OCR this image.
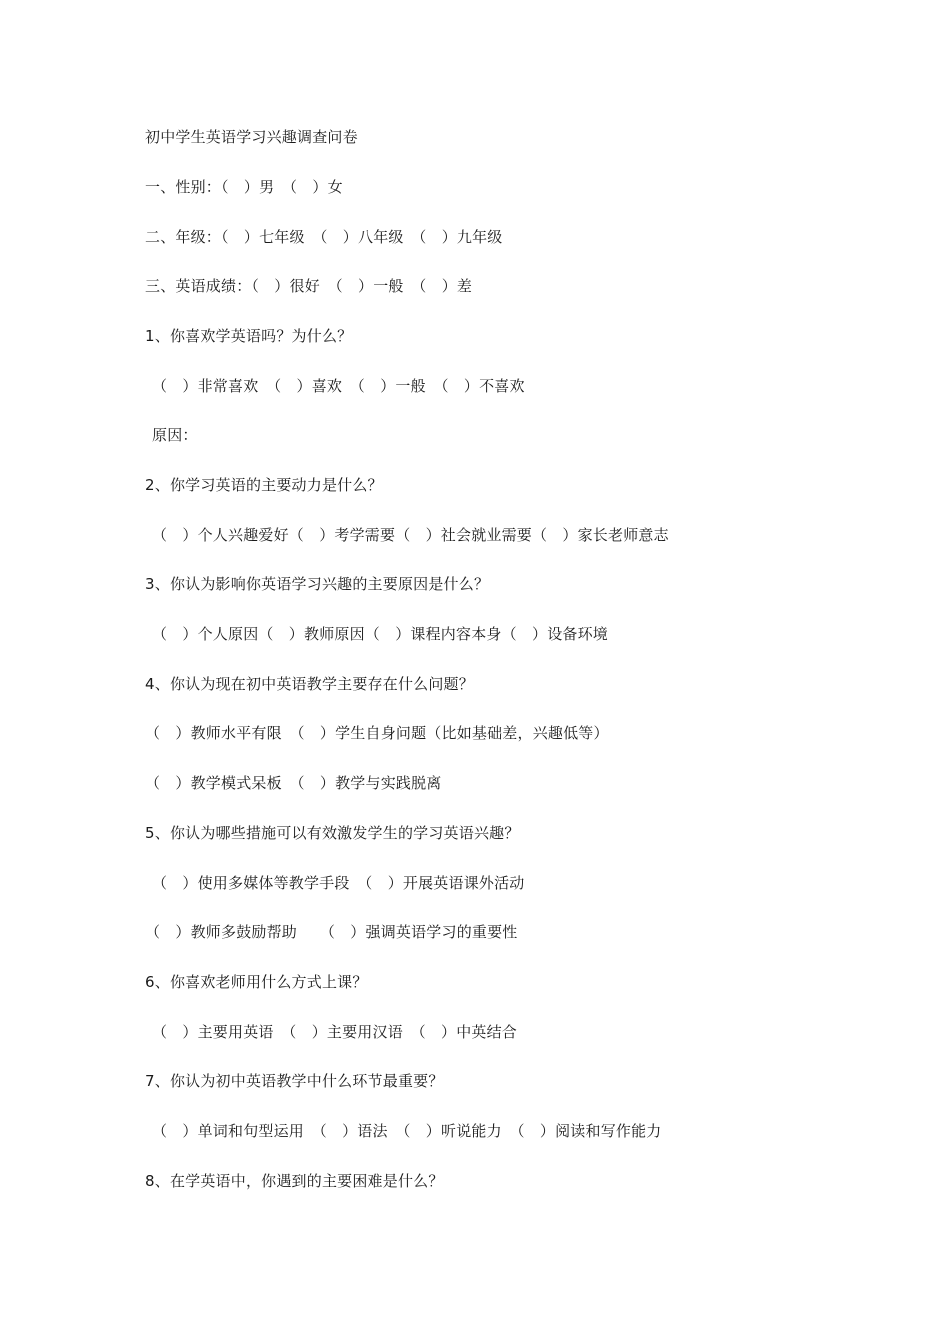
初中学生英语学习兴趣调查问卷
一、性别：（　）男　（　）女
二、年级：（　）七年级　（　）八年级　（　）九年级
三、英语成绩：（　）很好　（　）一般　（　）差
1、你喜欢学英语吗？为什么？
（　）非常喜欢　（　）喜欢　（　）一般　（　）不喜欢
原因：
2、你学习英语的主要动力是什么？
（　）个人兴趣爱好（　）考学需要（　）社会就业需要（　）家长老师意志
3、你认为影响你英语学习兴趣的主要原因是什么？
（　）个人原因（　）教师原因（　）课程内容本身（　）设备环境
4、你认为现在初中英语教学主要存在什么问题？
（　）教师水平有限　（　）学生自身问题（比如基础差，兴趣低等）
（　）教学模式呆板　（　）教学与实践脱离
5、你认为哪些措施可以有效激发学生的学习英语兴趣？
（　）使用多媒体等教学手段　（　）开展英语课外活动
（　）教师多鼓励帮助　　（　）强调英语学习的重要性
6、你喜欢老师用什么方式上课？
（　）主要用英语　（　）主要用汉语　（　）中英结合
7、你认为初中英语教学中什么环节最重要？
（　）单词和句型运用　（　）语法　（　）听说能力　（　）阅读和写作能力
8、在学英语中，你遇到的主要困难是什么？
